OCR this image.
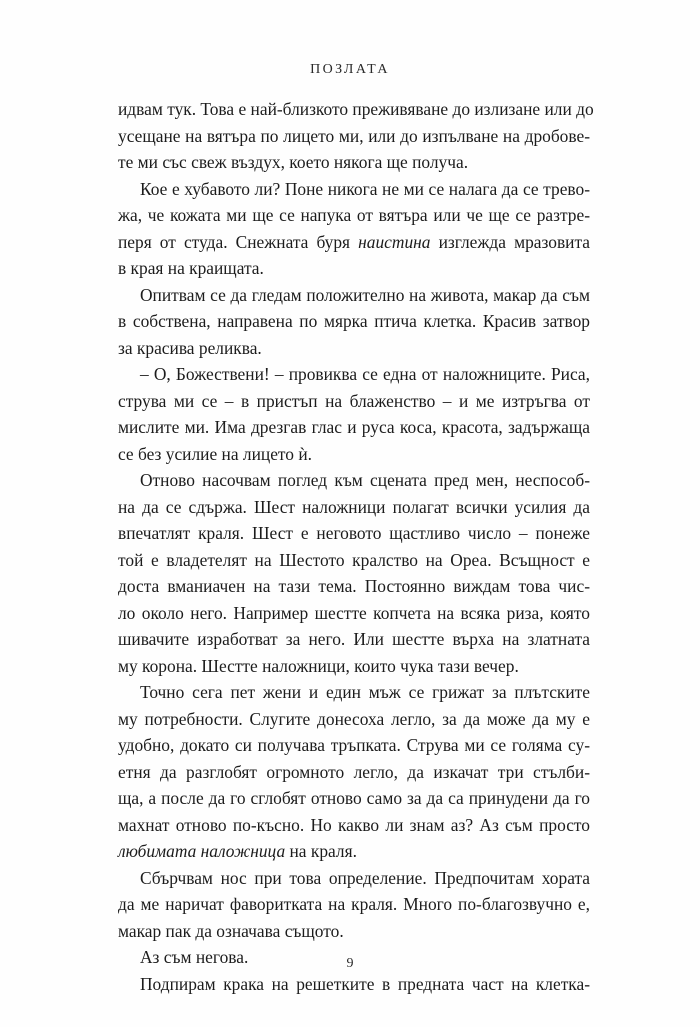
ПОЗЛАТА
идвам тук. Това е най-близкото преживяване до излизане или до
усещане на вятъра по лицето ми, или до изпълване на дробове-
те ми със свеж въздух, което някога ще получа.
Кое е хубавото ли? Поне никога не ми се налага да се трево-
жа, че кожата ми ще се напука от вятъра или че ще се разтре-
перя от студа. Снежната буря наистина изглежда мразовита
в края на краищата.
Опитвам се да гледам положително на живота, макар да съм
в собствена, направена по мярка птича клетка. Красив затвор
за красива реликва.
– О, Божествени! – провиква се една от наложниците. Риса,
струва ми се – в пристъп на блаженство – и ме изтръгва от
мислите ми. Има дрезгав глас и руса коса, красота, задържаща
се без усилие на лицето ѝ.
Отново насочвам поглед към сцената пред мен, неспособ-
на да се сдържа. Шест наложници полагат всички усилия да
впечатлят краля. Шест е неговото щастливо число – понеже
той е владетелят на Шестото кралство на Ореа. Всъщност е
доста вманиачен на тази тема. Постоянно виждам това чис-
ло около него. Например шестте копчета на всяка риза, която
шивачите изработват за него. Или шестте върха на златната
му корона. Шестте наложници, които чука тази вечер.
Точно сега пет жени и един мъж се грижат за плътските
му потребности. Слугите донесоха легло, за да може да му е
удобно, докато си получава тръпката. Струва ми се голяма су-
етня да разглобят огромното легло, да изкачат три стълби-
ща, а после да го сглобят отново само за да са принудени да го
махнат отново по-късно. Но какво ли знам аз? Аз съм просто
любимата наложница на краля.
Сбърчвам нос при това определение. Предпочитам хората
да ме наричат фаворитката на краля. Много по-благозвучно е,
макар пак да означава същото.
Аз съм негова.
Подпирам крака на решетките в предната част на клетка-
9
